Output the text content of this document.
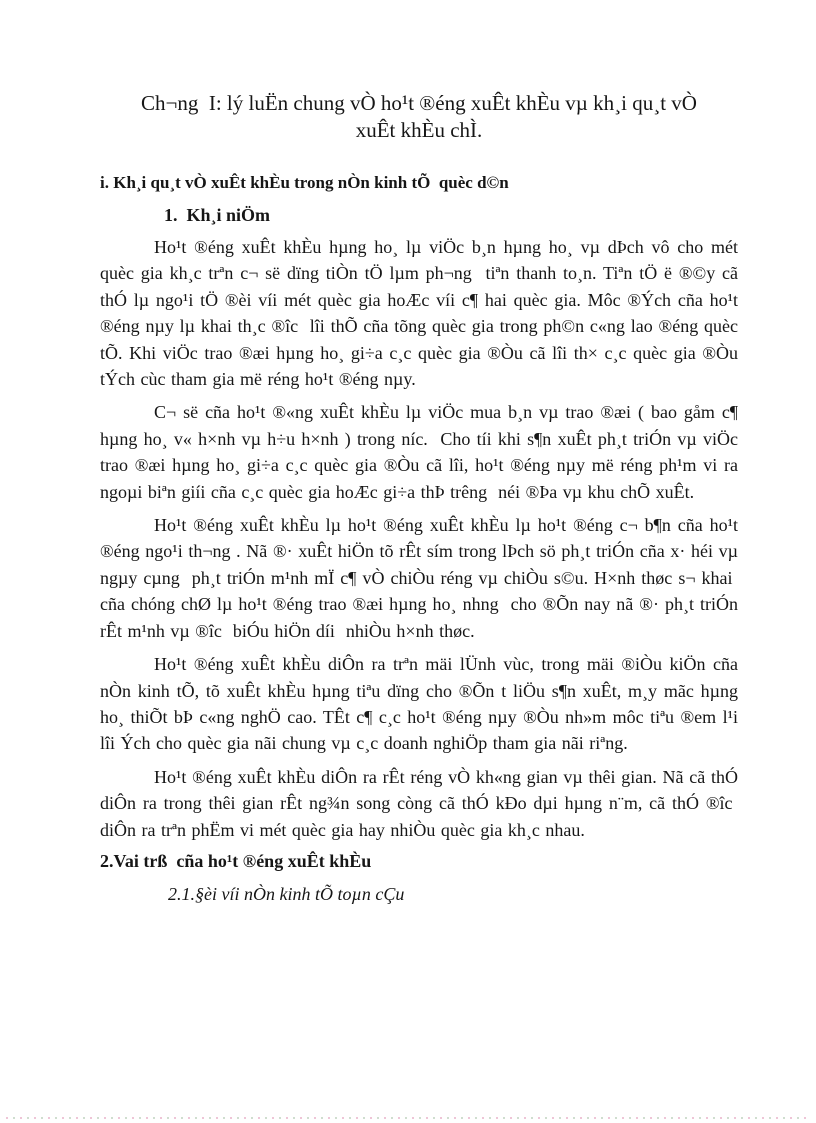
Ch¬ng  I: lý luËn chung vÒ ho¹t ®éng xuÊt khÈu vµ kh¸i qu¸t vÒ
xuÊt khÈu chÌ.
i. Kh¸i qu¸t vÒ xuÊt khÈu trong nÒn kinh tÕ  quèc d©n
1.  Kh¸i niÖm

Ho¹t ®éng xuÊt khÈu hµng ho¸ lµ viÖc b¸n hµng ho¸ vµ dÞch vô cho mét quèc gia kh¸c trªn c¬ së dïng tiÒn tÖ lµm ph¬ng  tiªn thanh to¸n. Tiªn tÖ ë ®©y cã thÓ lµ ngo¹i tÖ ®èi víi mét quèc gia hoÆc víi c¶ hai quèc gia. Môc ®Ých cña ho¹t ®éng nµy lµ khai th¸c ®îc  lîi thÕ cña tõng quèc gia trong ph©n c«ng lao ®éng quèc tÕ. Khi viÖc trao ®æi hµng ho¸ gi÷a c¸c quèc gia ®Òu cã lîi th× c¸c quèc gia ®Òu tÝch cùc tham gia më réng ho¹t ®éng nµy.

C¬ së cña ho¹t ®«ng xuÊt khÈu lµ viÖc mua b¸n vµ trao ®æi ( bao gåm c¶ hµng ho¸ v« h×nh vµ h÷u h×nh ) trong níc.  Cho tíi khi s¶n xuÊt ph¸t triÓn vµ viÖc trao ®æi hµng ho¸ gi÷a c¸c quèc gia ®Òu cã lîi, ho¹t ®éng nµy më réng ph¹m vi ra ngoµi biªn giíi cña c¸c quèc gia hoÆc gi÷a thÞ trêng  néi ®Þa vµ khu chÕ xuÊt.

Ho¹t ®éng xuÊt khÈu lµ ho¹t ®éng xuÊt khÈu lµ ho¹t ®éng c¬ b¶n cña ho¹t ®éng ngo¹i th¬ng . Nã ®· xuÊt hiÖn tõ rÊt sím trong lÞch sö ph¸t triÓn cña x· héi vµ ngµy cµng  ph¸t triÓn m¹nh mÏ c¶ vÒ chiÒu réng vµ chiÒu s©u. H×nh thøc s¬ khai  cña chóng chØ lµ ho¹t ®éng trao ®æi hµng ho¸ nhng  cho ®Õn nay nã ®· ph¸t triÓn rÊt m¹nh vµ ®îc  biÓu hiÖn díi  nhiÒu h×nh thøc.

Ho¹t ®éng xuÊt khÈu diÔn ra trªn mäi lÜnh vùc, trong mäi ®iÒu kiÖn cña nÒn kinh tÕ, tõ xuÊt khÈu hµng tiªu dïng cho ®Õn t liÖu s¶n xuÊt, m¸y mãc hµng ho¸ thiÕt bÞ c«ng nghÖ cao. TÊt c¶ c¸c ho¹t ®éng nµy ®Òu nh»m môc tiªu ®em l¹i lîi Ých cho quèc gia nãi chung vµ c¸c doanh nghiÖp tham gia nãi riªng.

Ho¹t ®éng xuÊt khÈu diÔn ra rÊt réng vÒ kh«ng gian vµ thêi gian. Nã cã thÓ diÔn ra trong thêi gian rÊt ng¾n song còng cã thÓ kÐo dµi hµng n¨m, cã thÓ ®îc  diÔn ra trªn phËm vi mét quèc gia hay nhiÒu quèc gia kh¸c nhau.

2.Vai trß  cña ho¹t ®éng xuÊt khÈu
2.1.§èi víi nÒn kinh tÕ toµn cÇu
